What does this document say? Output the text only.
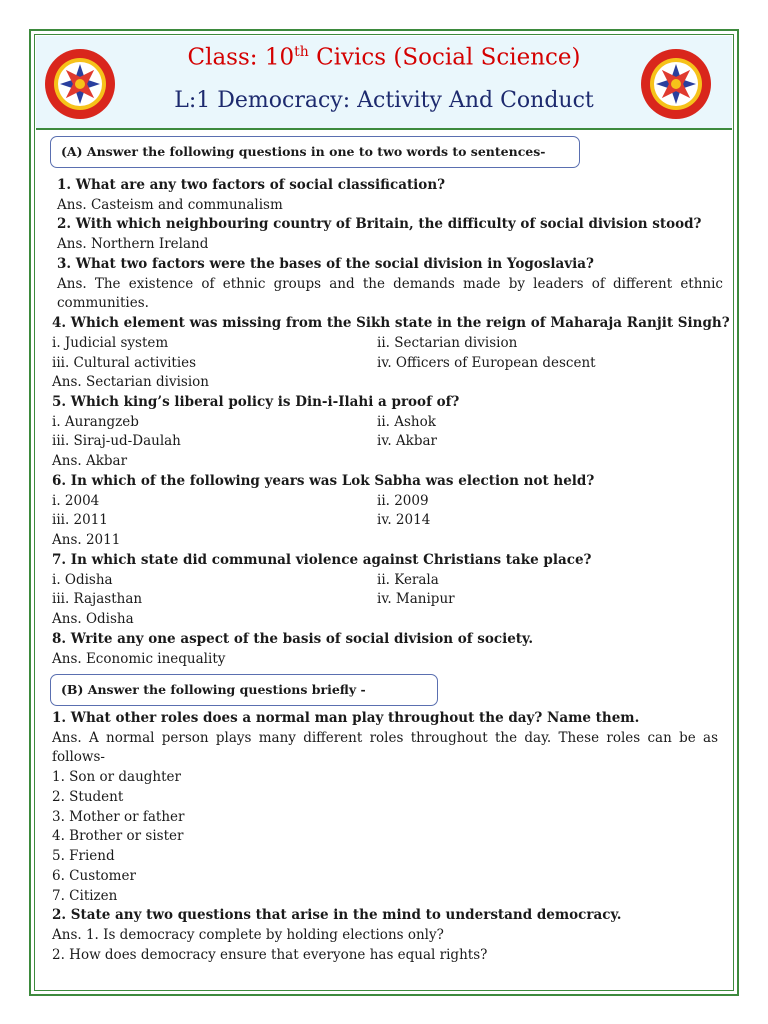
Class: 10th Civics (Social Science)
L:1 Democracy: Activity And Conduct
(A) Answer the following questions in one to two words to sentences-
1. What are any two factors of social classification?
Ans. Casteism and communalism
2. With which neighbouring country of Britain, the difficulty of social division stood?
Ans. Northern Ireland
3. What two factors were the bases of the social division in Yogoslavia?
Ans. The existence of ethnic groups and the demands made by leaders of different ethnic
communities.
4. Which element was missing from the Sikh state in the reign of Maharaja Ranjit Singh?
i. Judicial system	ii. Sectarian division
iii. Cultural activities	iv. Officers of European descent
Ans. Sectarian division
5. Which king’s liberal policy is Din-i-Ilahi a proof of?
i. Aurangzeb	ii. Ashok
iii. Siraj-ud-Daulah	iv. Akbar
Ans. Akbar
6. In which of the following years was Lok Sabha was election not held?
i. 2004	ii. 2009
iii. 2011	iv. 2014
Ans. 2011
7. In which state did communal violence against Christians take place?
i. Odisha	ii. Kerala
iii. Rajasthan	iv. Manipur
Ans. Odisha
8. Write any one aspect of the basis of social division of society.
Ans. Economic inequality
(B) Answer the following questions briefly -
1. What other roles does a normal man play throughout the day? Name them.
Ans. A normal person plays many different roles throughout the day. These roles can be as
follows-
1. Son or daughter
2. Student
3. Mother or father
4. Brother or sister
5. Friend
6. Customer
7. Citizen
2. State any two questions that arise in the mind to understand democracy.
Ans. 1. Is democracy complete by holding elections only?
2. How does democracy ensure that everyone has equal rights?
